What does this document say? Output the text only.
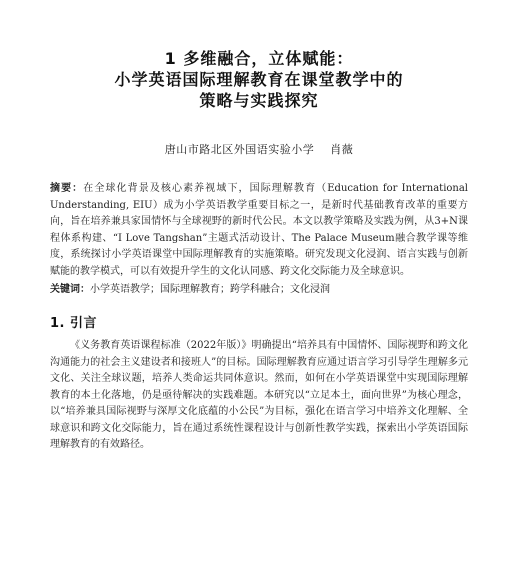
1 多维融合，立体赋能：
小学英语国际理解教育在课堂教学中的
策略与实践探究
唐山市路北区外国语实验小学 肖薇

摘要：在全球化背景及核心素养视域下，国际理解教育（Education for International Understanding, EIU）成为小学英语教学重要目标之一，是新时代基础教育改革的重要方向，旨在培养兼具家国情怀与全球视野的新时代公民。本文以教学策略及实践为例，从3+N课程体系构建、“I Love Tangshan”主题式活动设计、The Palace Museum融合教学课等维度，系统探讨小学英语课堂中国际理解教育的实施策略。研究发现文化浸润、语言实践与创新赋能的教学模式，可以有效提升学生的文化认同感、跨文化交际能力及全球意识。

关键词：小学英语教学；国际理解教育；跨学科融合；文化浸润
1. 引言

《义务教育英语课程标准（2022年版）》明确提出“培养具有中国情怀、国际视野和跨文化沟通能力的社会主义建设者和接班人”的目标。国际理解教育应通过语言学习引导学生理解多元文化、关注全球议题，培养人类命运共同体意识。然而，如何在小学英语课堂中实现国际理解教育的本土化落地，仍是亟待解决的实践难题。本研究以“立足本土，面向世界”为核心理念，以“培养兼具国际视野与深厚文化底蕴的小公民”为目标，强化在语言学习中培养文化理解、全球意识和跨文化交际能力，旨在通过系统性课程设计与创新性教学实践，探索出小学英语国际理解教育的有效路径。
